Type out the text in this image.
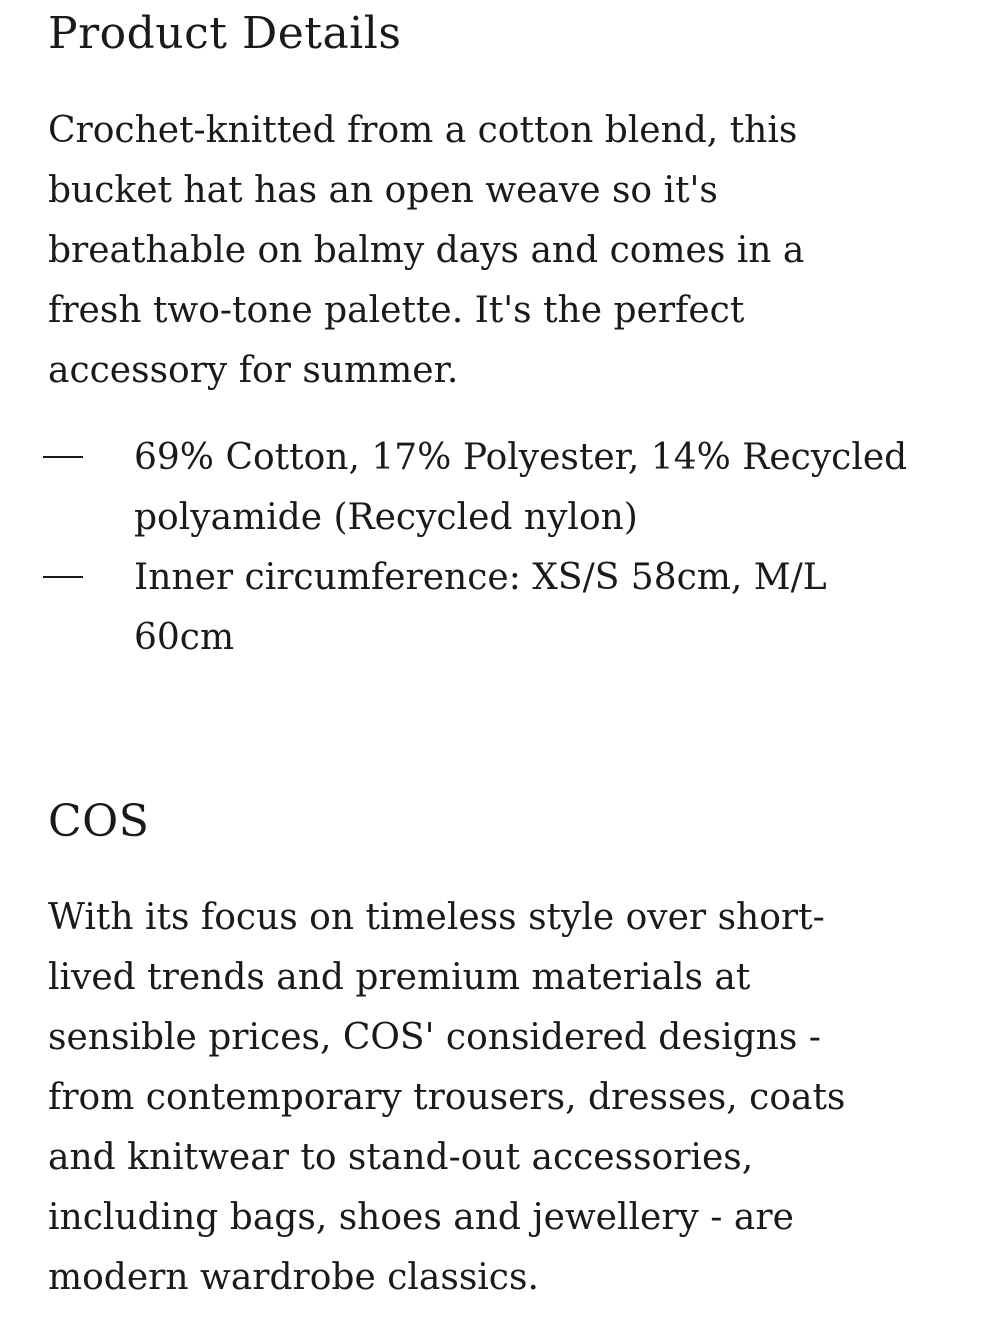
Product Details

Crochet-knitted from a cotton blend, this
bucket hat has an open weave so it's
breathable on balmy days and comes in a
fresh two-tone palette. It's the perfect
accessory for summer.

69% Cotton, 17% Polyester, 14% Recycled
polyamide (Recycled nylon)
Inner circumference: XS/S 58cm, M/L
60cm
COS

With its focus on timeless style over short-
lived trends and premium materials at
sensible prices, COS' considered designs -
from contemporary trousers, dresses, coats
and knitwear to stand-out accessories,
including bags, shoes and jewellery - are
modern wardrobe classics.
